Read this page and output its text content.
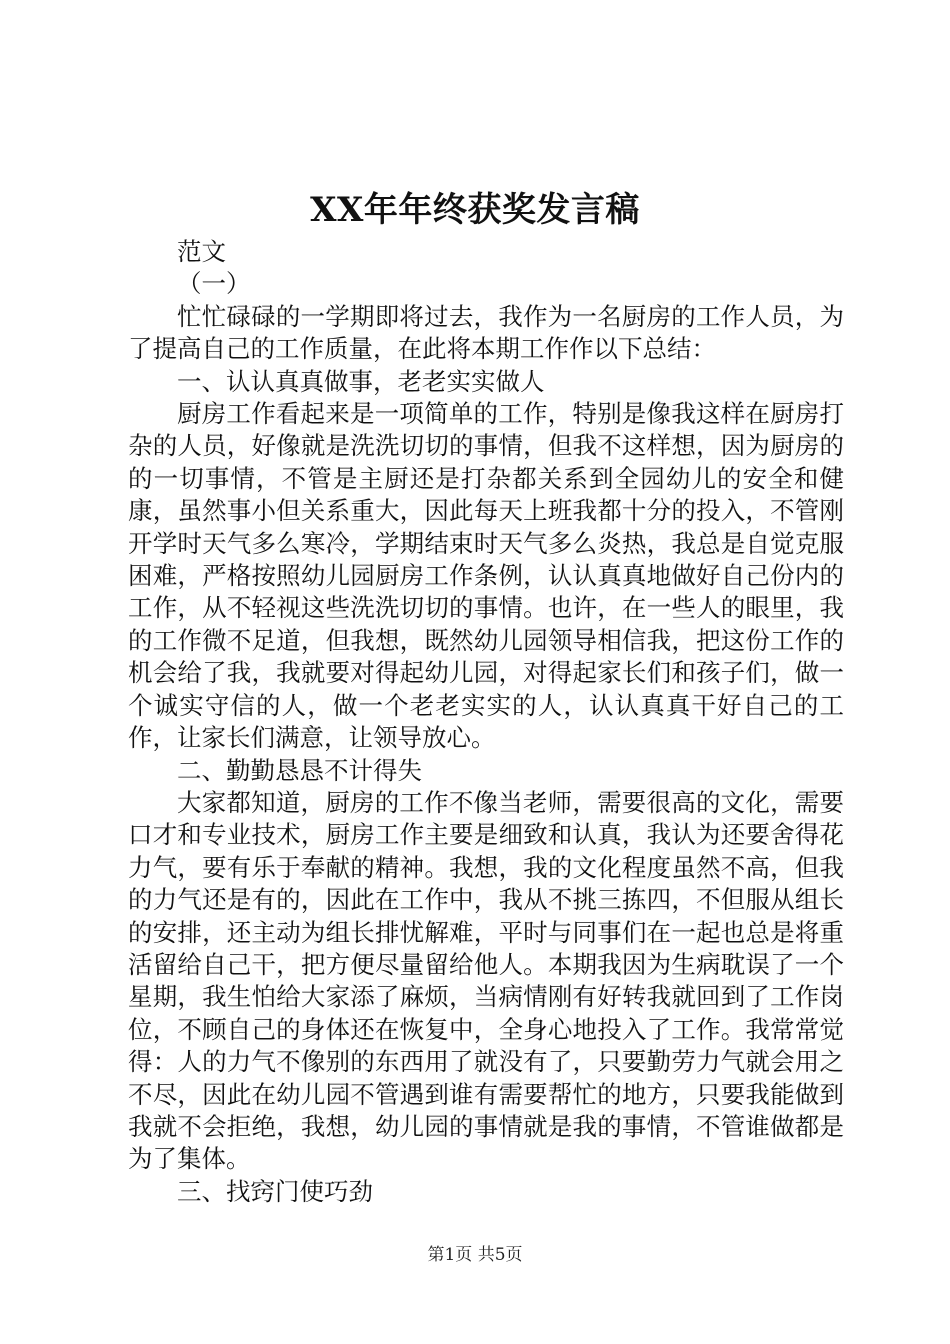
XX年年终获奖发言稿

范文

（一）

忙忙碌碌的一学期即将过去，我作为一名厨房的工作人员，为了提高自己的工作质量，在此将本期工作作以下总结：

一、认认真真做事，老老实实做人

厨房工作看起来是一项简单的工作，特别是像我这样在厨房打杂的人员，好像就是洗洗切切的事情，但我不这样想，因为厨房的的一切事情，不管是主厨还是打杂都关系到全园幼儿的安全和健康，虽然事小但关系重大，因此每天上班我都十分的投入，不管刚开学时天气多么寒冷，学期结束时天气多么炎热，我总是自觉克服困难，严格按照幼儿园厨房工作条例，认认真真地做好自己份内的工作，从不轻视这些洗洗切切的事情。也许，在一些人的眼里，我的工作微不足道，但我想，既然幼儿园领导相信我，把这份工作的机会给了我，我就要对得起幼儿园，对得起家长们和孩子们，做一个诚实守信的人，做一个老老实实的人，认认真真干好自己的工作，让家长们满意，让领导放心。

二、勤勤恳恳不计得失

大家都知道，厨房的工作不像当老师，需要很高的文化，需要口才和专业技术，厨房工作主要是细致和认真，我认为还要舍得花力气，要有乐于奉献的精神。我想，我的文化程度虽然不高，但我的力气还是有的，因此在工作中，我从不挑三拣四，不但服从组长的安排，还主动为组长排忧解难，平时与同事们在一起也总是将重活留给自己干，把方便尽量留给他人。本期我因为生病耽误了一个星期，我生怕给大家添了麻烦，当病情刚有好转我就回到了工作岗位，不顾自己的身体还在恢复中，全身心地投入了工作。我常常觉得：人的力气不像别的东西用了就没有了，只要勤劳力气就会用之不尽，因此在幼儿园不管遇到谁有需要帮忙的地方，只要我能做到我就不会拒绝，我想，幼儿园的事情就是我的事情，不管谁做都是为了集体。

三、找窍门使巧劲

第1页 共5页
